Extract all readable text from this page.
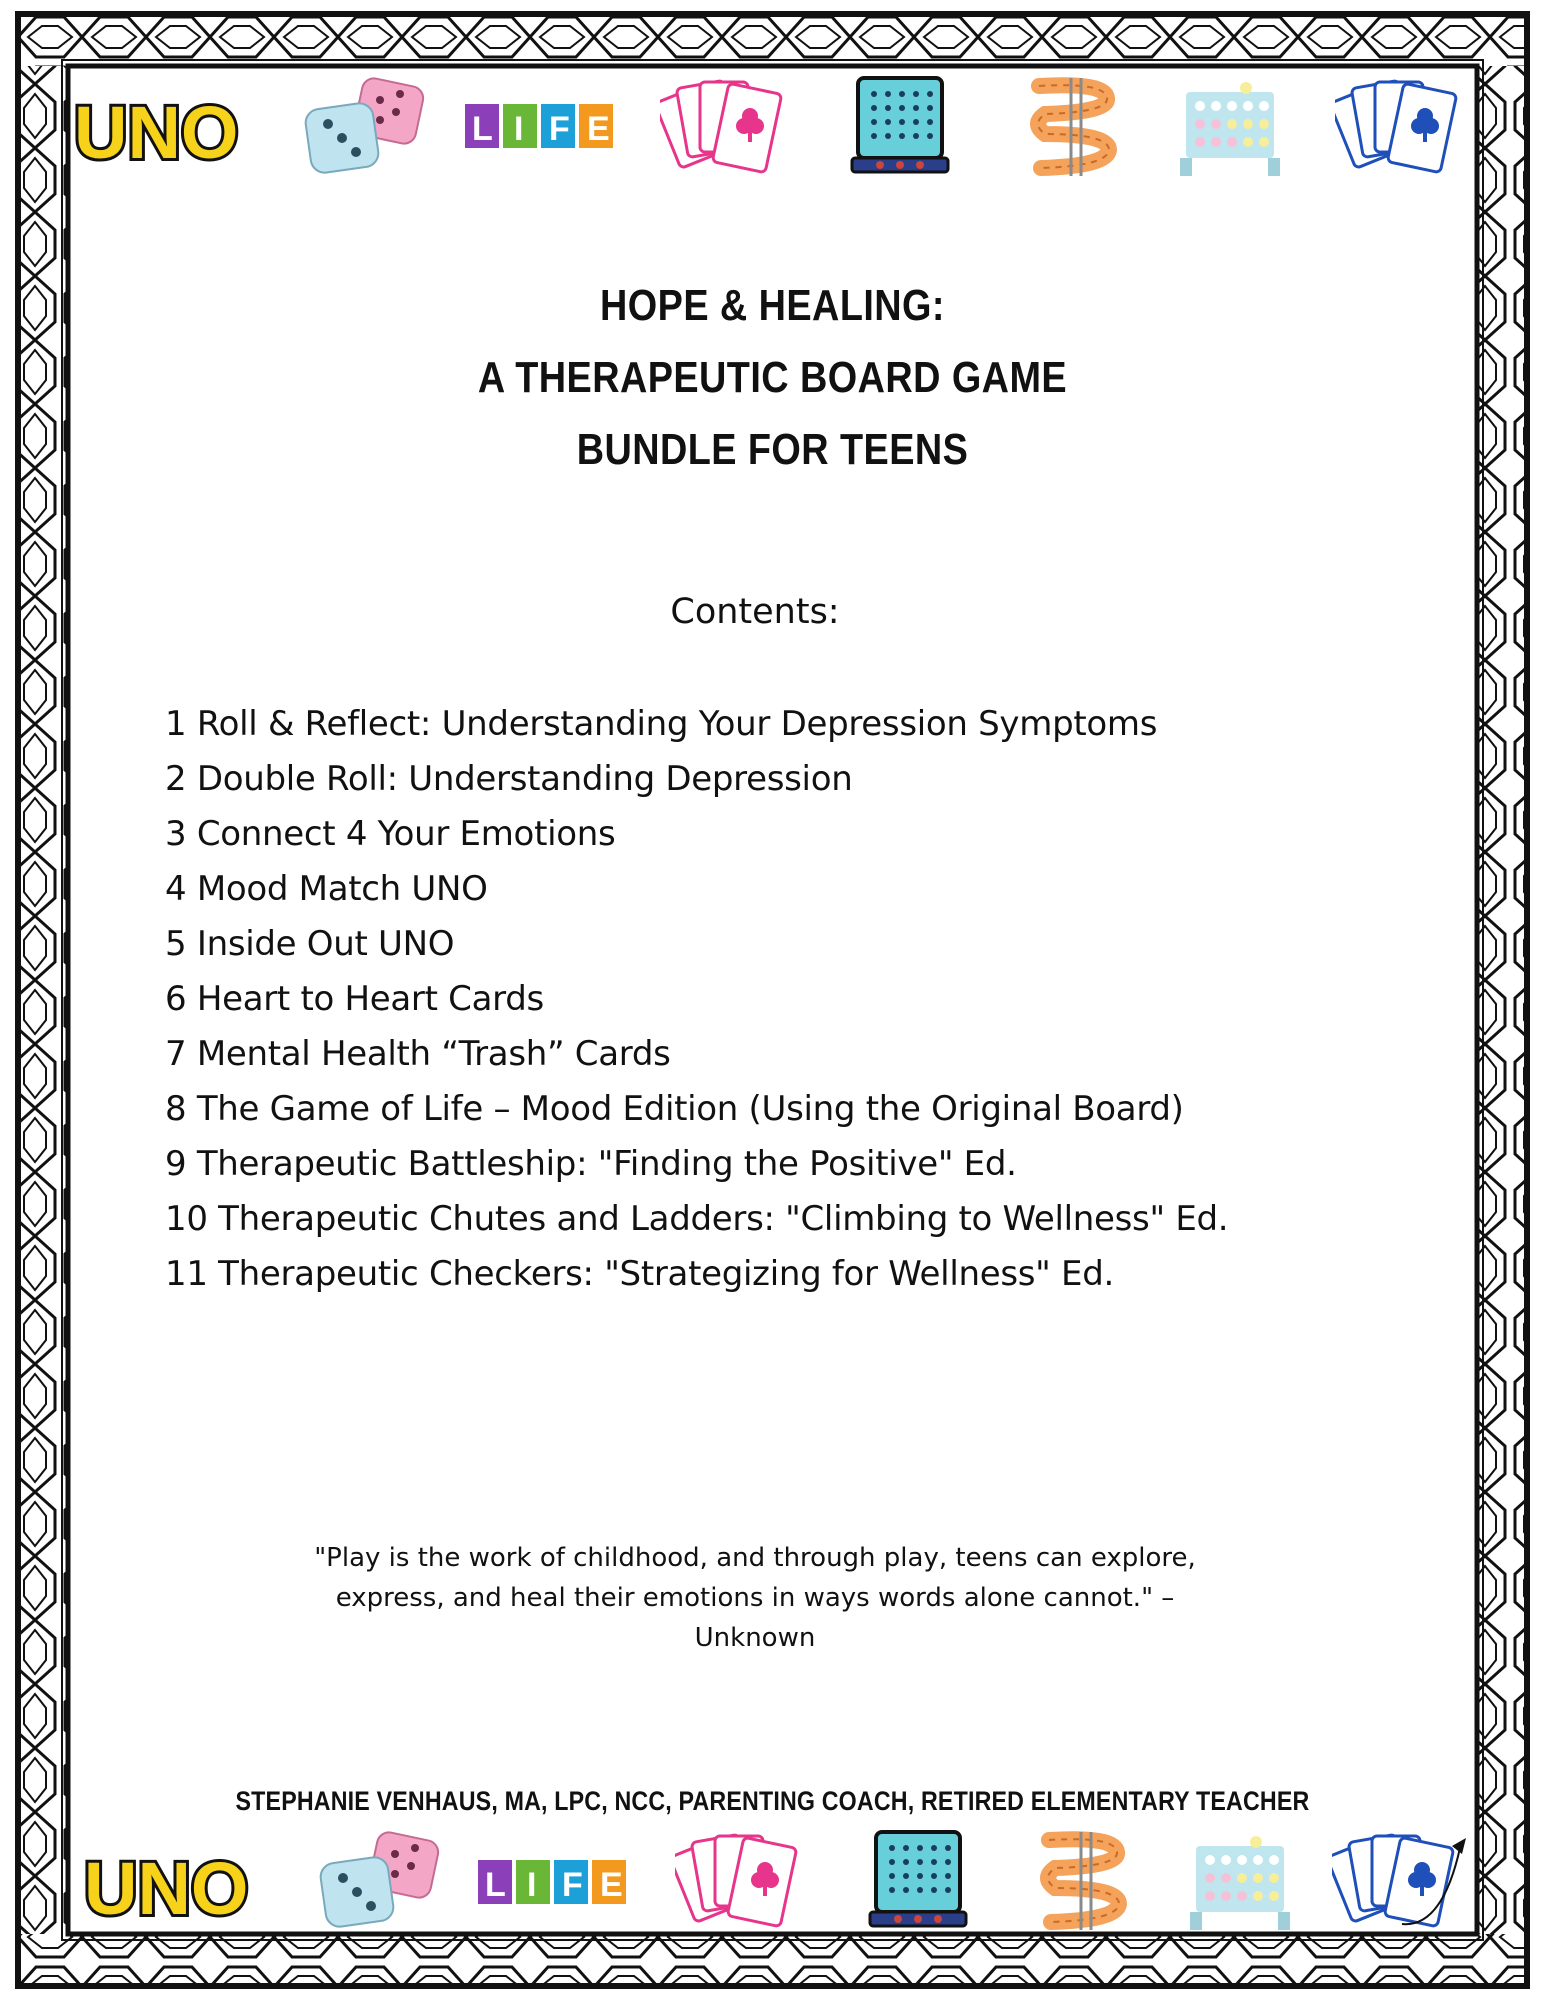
UNO	L I F E
HOPE & HEALING:
A THERAPEUTIC BOARD GAME
BUNDLE FOR TEENS
Contents:
1 Roll & Reflect: Understanding Your Depression Symptoms
2 Double Roll: Understanding Depression
3 Connect 4 Your Emotions
4 Mood Match UNO
5 Inside Out UNO
6 Heart to Heart Cards
7 Mental Health “Trash” Cards
8 The Game of Life – Mood Edition (Using the Original Board)
9 Therapeutic Battleship: "Finding the Positive" Ed.
10 Therapeutic Chutes and Ladders: "Climbing to Wellness" Ed.
11 Therapeutic Checkers: "Strategizing for Wellness" Ed.

"Play is the work of childhood, and through play, teens can explore, express, and heal their emotions in ways words alone cannot." – Unknown

STEPHANIE VENHAUS, MA, LPC, NCC, PARENTING COACH, RETIRED ELEMENTARY TEACHER

UNO	L I F E
